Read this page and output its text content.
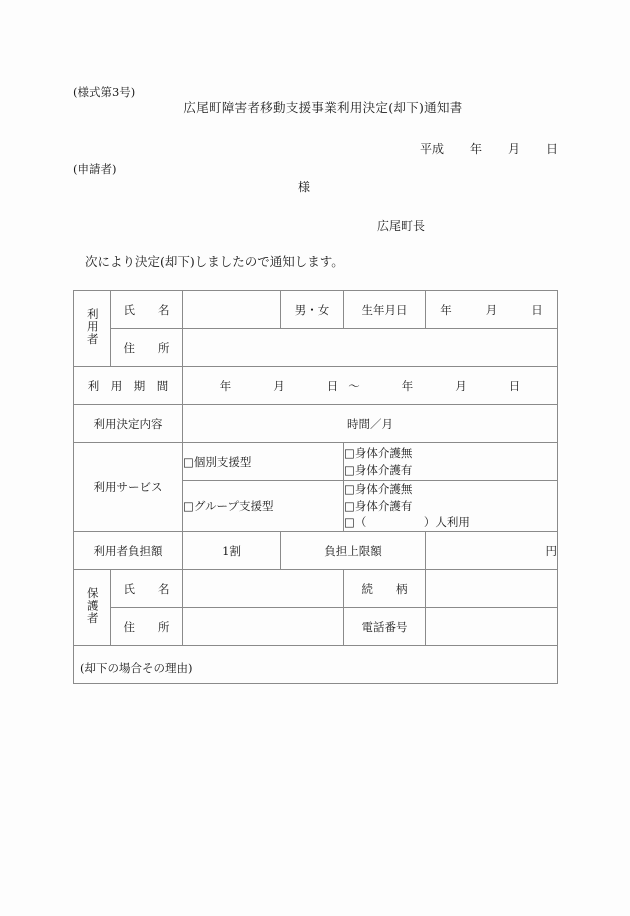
(様式第3号)
広尾町障害者移動支援事業利用決定(却下)通知書
平成 年 月 日
(申請者)
様
広尾町長
次により決定(却下)しましたので通知します。
利用者	氏　　名		男・女	生年月日	年 月 日
	住　　所				
利　用　期　間		年 月 日 〜 年 月 日			
利用決定内容		時間／月			
利用サービス		□個別支援型		□身体介護無
□身体介護有	
		□グループ支援型		□身体介護無
□身体介護有
□（　　　　　）人利用	
利用者負担額		1割	負担上限額		円
保護者	氏　　名			続　　柄	
	住　　所			電話番号	

(却下の場合その理由)					
